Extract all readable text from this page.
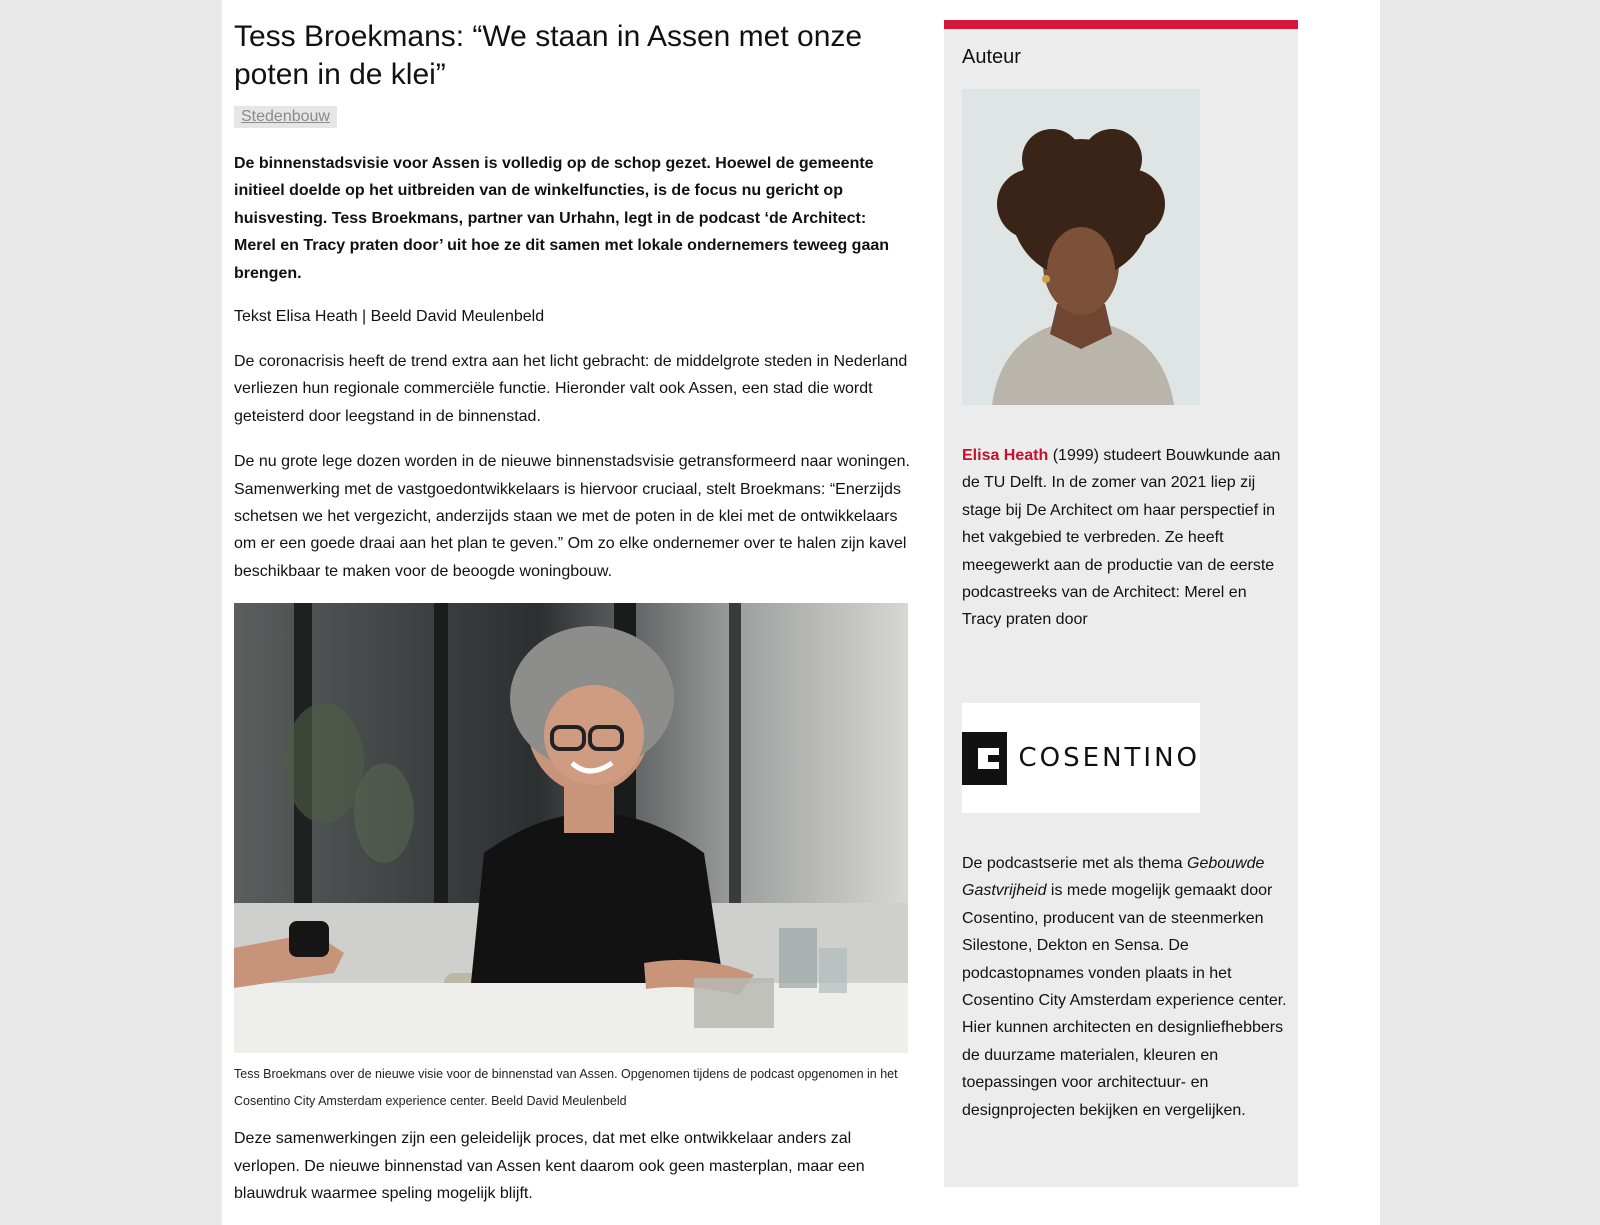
Tess Broekmans: “We staan in Assen met onze poten in de klei”
Stedenbouw

De binnenstadsvisie voor Assen is volledig op de schop gezet. Hoewel de gemeente initieel doelde op het uitbreiden van de winkelfuncties, is de focus nu gericht op huisvesting. Tess Broekmans, partner van Urhahn, legt in de podcast ‘de Architect: Merel en Tracy praten door’ uit hoe ze dit samen met lokale ondernemers teweeg gaan brengen.

Tekst Elisa Heath | Beeld David Meulenbeld

De coronacrisis heeft de trend extra aan het licht gebracht: de middelgrote steden in Nederland verliezen hun regionale commerciële functie. Hieronder valt ook Assen, een stad die wordt geteisterd door leegstand in de binnenstad.

De nu grote lege dozen worden in de nieuwe binnenstadsvisie getransformeerd naar woningen. Samenwerking met de vastgoedontwikkelaars is hiervoor cruciaal, stelt Broekmans: “Enerzijds schetsen we het vergezicht, anderzijds staan we met de poten in de klei met de ontwikkelaars om er een goede draai aan het plan te geven.” Om zo elke ondernemer over te halen zijn kavel beschikbaar te maken voor de beoogde woningbouw.

Tess Broekmans over de nieuwe visie voor de binnenstad van Assen. Opgenomen tijdens de podcast opgenomen in het Cosentino City Amsterdam experience center. Beeld David Meulenbeld

Deze samenwerkingen zijn een geleidelijk proces, dat met elke ontwikkelaar anders zal verlopen. De nieuwe binnenstad van Assen kent daarom ook geen masterplan, maar een blauwdruk waarmee speling mogelijk blijft.

Auteur

Elisa Heath (1999) studeert Bouwkunde aan de TU Delft. In de zomer van 2021 liep zij stage bij De Architect om haar perspectief in het vakgebied te verbreden. Ze heeft meegewerkt aan de productie van de eerste podcastreeks van de Architect: Merel en Tracy praten door

COSENTINO

De podcastserie met als thema Gebouwde Gastvrijheid is mede mogelijk gemaakt door Cosentino, producent van de steenmerken Silestone, Dekton en Sensa. De podcastopnames vonden plaats in het Cosentino City Amsterdam experience center. Hier kunnen architecten en designliefhebbers de duurzame materialen, kleuren en toepassingen voor architectuur- en designprojecten bekijken en vergelijken.
